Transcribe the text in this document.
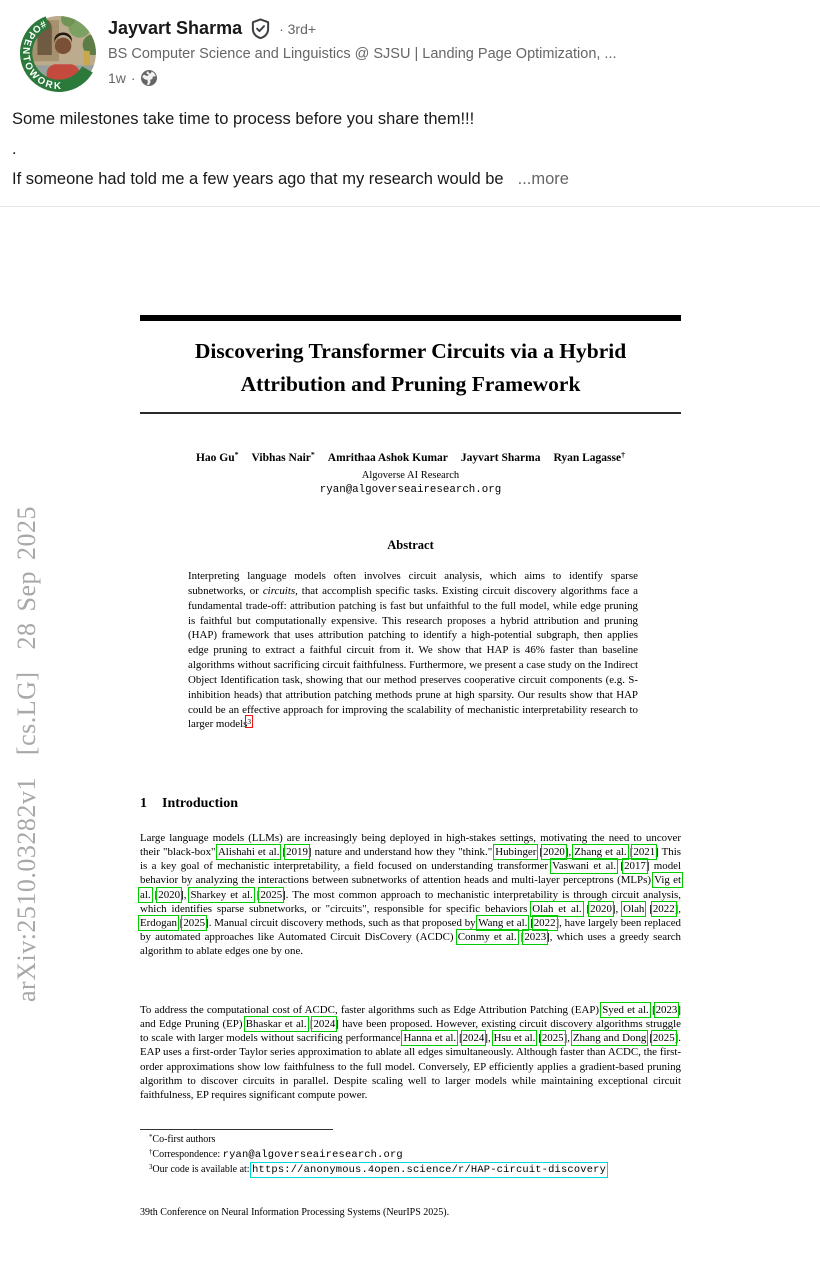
#OPENTOWORK
Jayvart Sharma	· 3rd+
BS Computer Science and Linguistics @ SJSU | Landing Page Optimization, ...
1w ·

Some milestones take time to process before you share them!!!

.

If someone had told me a few years ago that my research would be ...more

arXiv:2510.03282v1  [cs.LG]  28 Sep 2025
Discovering Transformer Circuits via a Hybrid
Attribution and Pruning Framework
Hao Gu* Vibhas Nair* Amrithaa Ashok Kumar Jayvart Sharma Ryan Lagasse†
Algoverse AI Research
ryan@algoverseairesearch.org
Abstract
Interpreting language models often involves circuit analysis, which aims to identify sparse subnetworks, or circuits, that accomplish specific tasks. Existing circuit discovery algorithms face a fundamental trade-off: attribution patching is fast but unfaithful to the full model, while edge pruning is faithful but computationally expensive. This research proposes a hybrid attribution and pruning (HAP) framework that uses attribution patching to identify a high-potential subgraph, then applies edge pruning to extract a faithful circuit from it. We show that HAP is 46% faster than baseline algorithms without sacrificing circuit faithfulness. Furthermore, we present a case study on the Indirect Object Identification task, showing that our method preserves cooperative circuit components (e.g. S-inhibition heads) that attribution patching methods prune at high sparsity. Our results show that HAP could be an effective approach for improving the scalability of mechanistic interpretability research to larger models$^3$.
1 Introduction
Large language models (LLMs) are increasingly being deployed in high-stakes settings, motivating the need to uncover their "black-box" Alishahi et al. [2019] nature and understand how they "think." Hubinger [2020], Zhang et al. [2021] This is a key goal of mechanistic interpretability, a field focused on understanding transformer Vaswani et al. [2017] model behavior by analyzing the interactions between subnetworks of attention heads and multi-layer perceptrons (MLPs) Vig et al. [2020], Sharkey et al. [2025]. The most common approach to mechanistic interpretability is through circuit analysis, which identifies sparse subnetworks, or "circuits", responsible for specific behaviors Olah et al. [2020], Olah [2022], Erdogan [2025]. Manual circuit discovery methods, such as that proposed by Wang et al. [2022], have largely been replaced by automated approaches like Automated Circuit DisCovery (ACDC) Conmy et al. [2023], which uses a greedy search algorithm to ablate edges one by one.
To address the computational cost of ACDC, faster algorithms such as Edge Attribution Patching (EAP) Syed et al. [2023] and Edge Pruning (EP) Bhaskar et al. [2024] have been proposed. However, existing circuit discovery algorithms struggle to scale with larger models without sacrificing performance Hanna et al. [2024], Hsu et al. [2025], Zhang and Dong [2025]. EAP uses a first-order Taylor series approximation to ablate all edges simultaneously. Although faster than ACDC, the first-order approximations show low faithfulness to the full model. Conversely, EP efficiently applies a gradient-based pruning algorithm to discover circuits in parallel. Despite scaling well to larger models while maintaining exceptional circuit faithfulness, EP requires significant compute power.
*Co-first authors
†Correspondence: ryan@algoverseairesearch.org
$^3$Our code is available at: https://anonymous.4open.science/r/HAP-circuit-discovery
39th Conference on Neural Information Processing Systems (NeurIPS 2025).
